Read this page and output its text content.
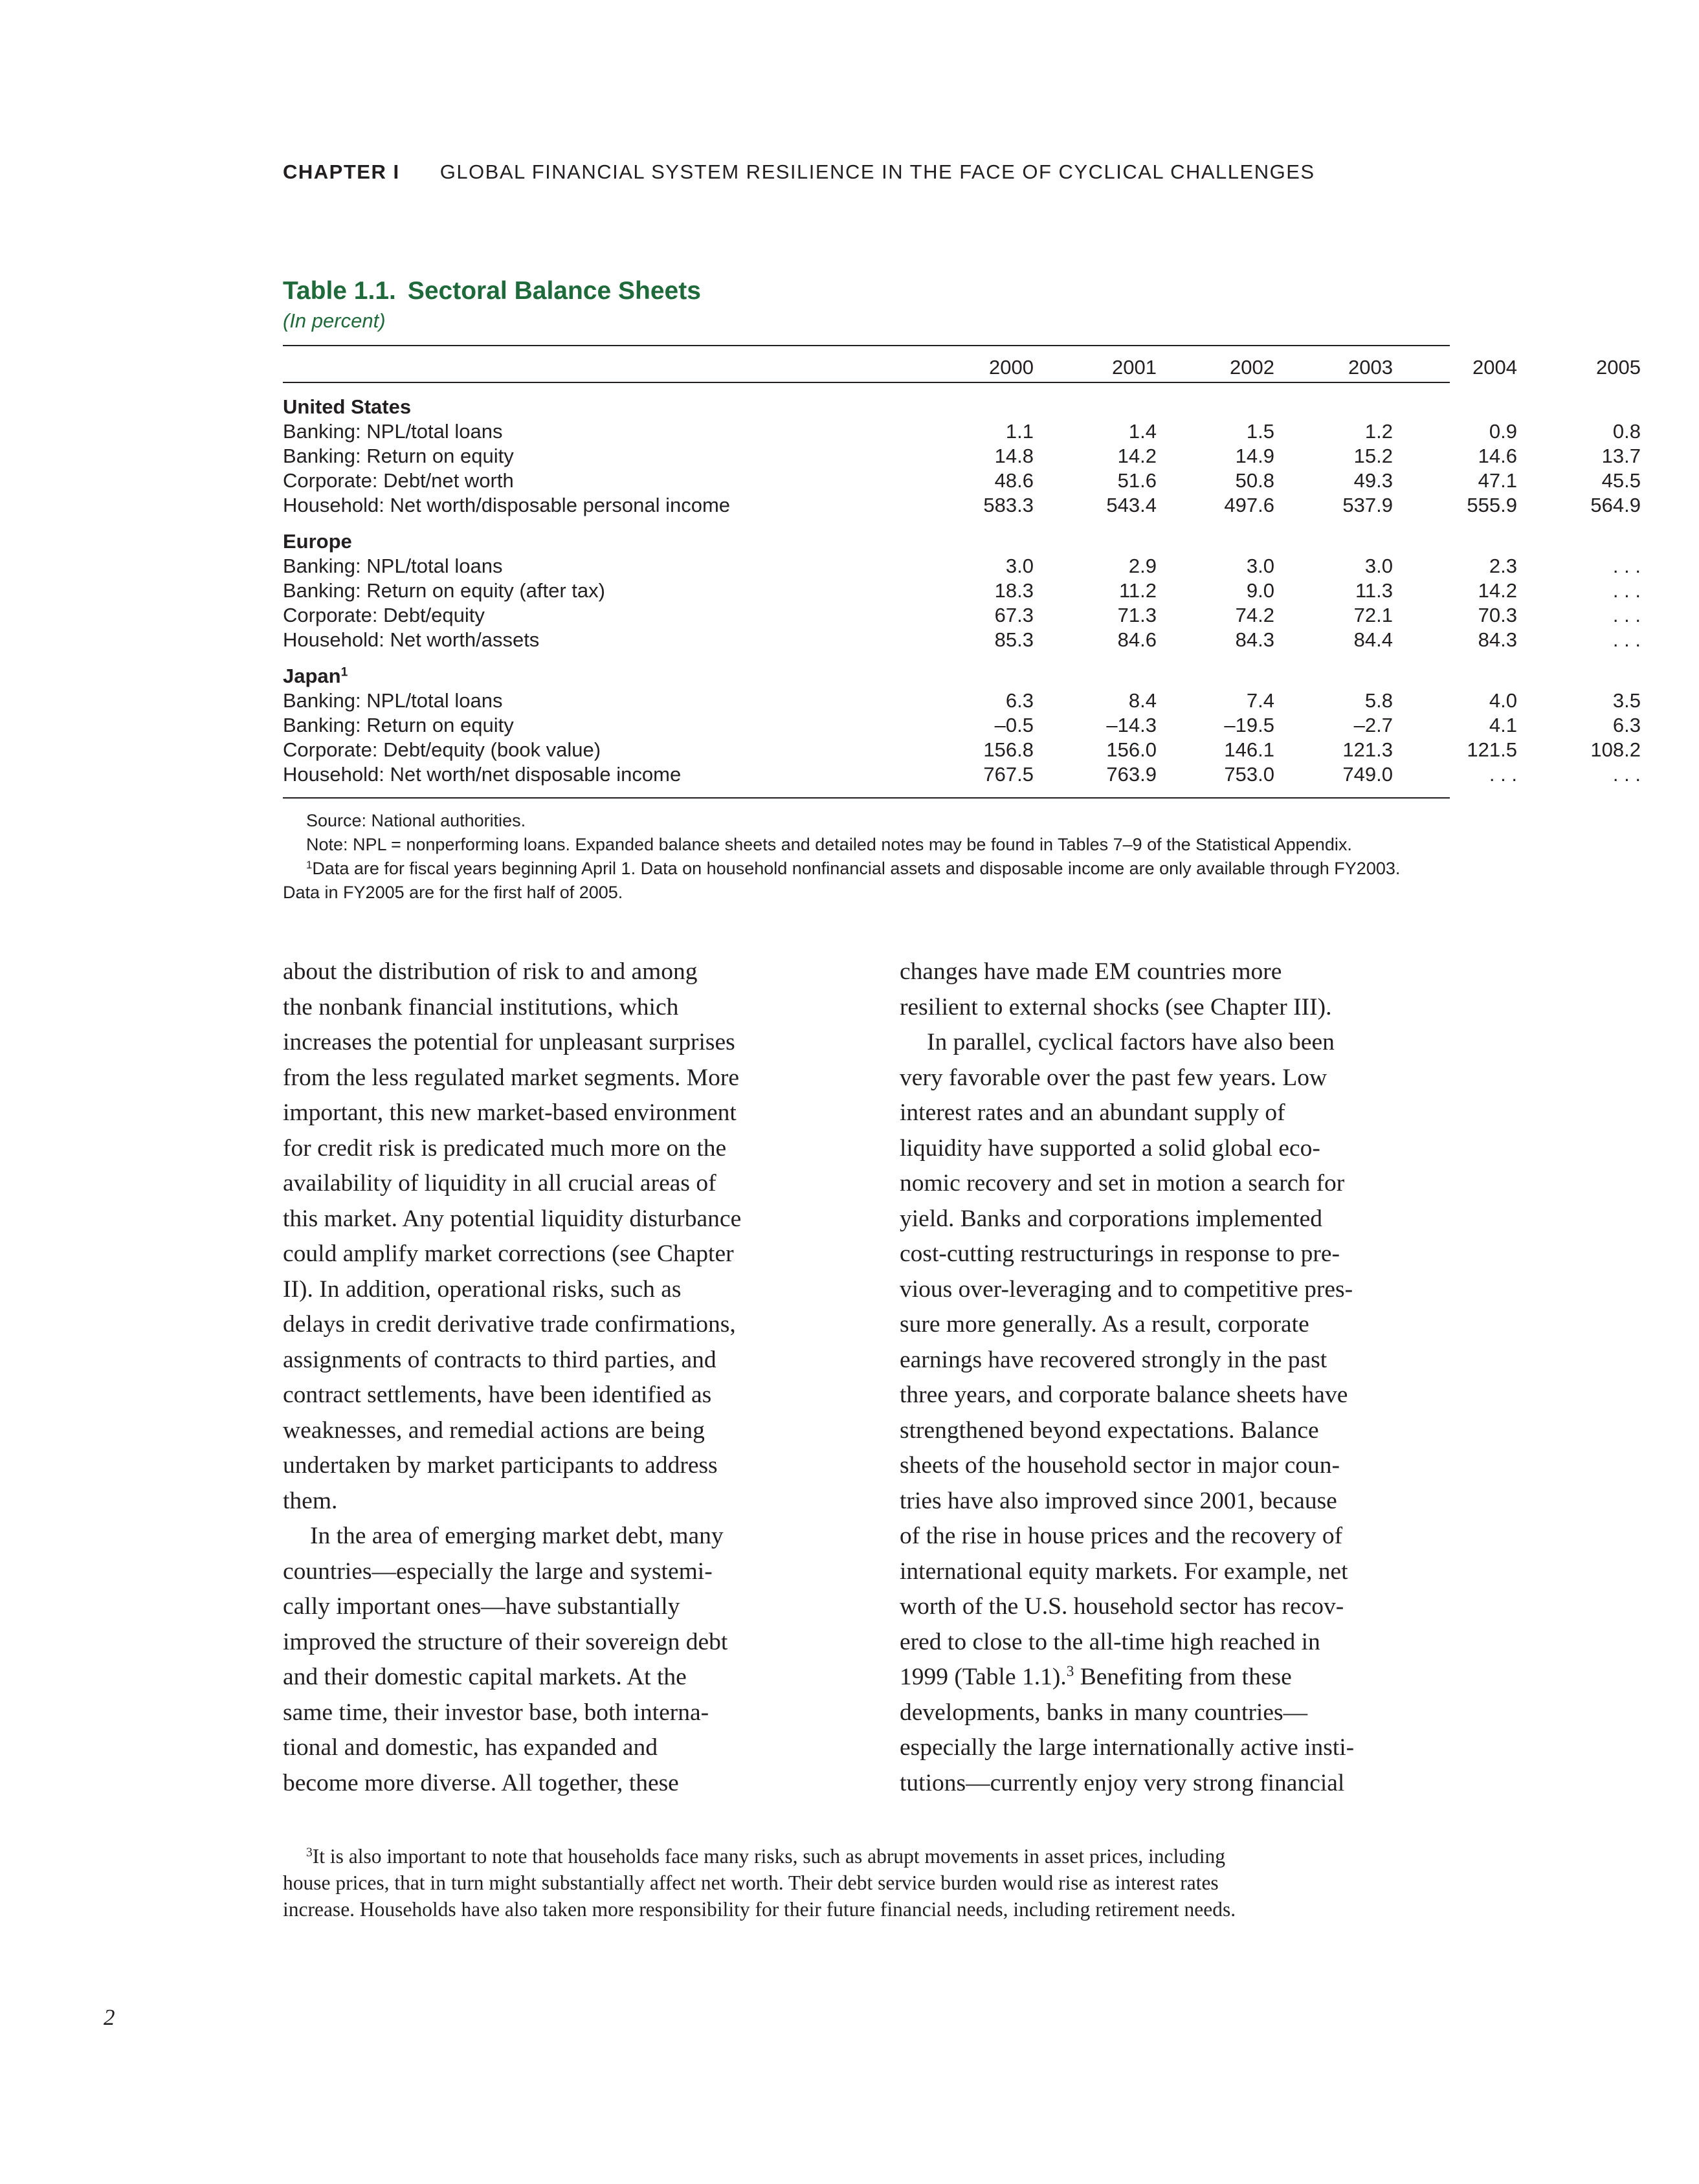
CHAPTER I GLOBAL FINANCIAL SYSTEM RESILIENCE IN THE FACE OF CYCLICAL CHALLENGES
Table 1.1. Sectoral Balance Sheets
(In percent)
2000	2001	2002	2003	2004	2005
United States
Banking: NPL/total loans	1.1	1.4	1.5	1.2	0.9	0.8
Banking: Return on equity	14.8	14.2	14.9	15.2	14.6	13.7
Corporate: Debt/net worth	48.6	51.6	50.8	49.3	47.1	45.5
Household: Net worth/disposable personal income	583.3	543.4	497.6	537.9	555.9	564.9
Europe
Banking: NPL/total loans	3.0	2.9	3.0	3.0	2.3	. . .
Banking: Return on equity (after tax)	18.3	11.2	9.0	11.3	14.2	. . .
Corporate: Debt/equity	67.3	71.3	74.2	72.1	70.3	. . .
Household: Net worth/assets	85.3	84.6	84.3	84.4	84.3	. . .
Japan$^1$
Banking: NPL/total loans	6.3	8.4	7.4	5.8	4.0	3.5
Banking: Return on equity	–0.5	–14.3	–19.5	–2.7	4.1	6.3
Corporate: Debt/equity (book value)	156.8	156.0	146.1	121.3	121.5	108.2
Household: Net worth/net disposable income	767.5	763.9	753.0	749.0	. . .	. . .
Source: National authorities.
Note: NPL = nonperforming loans. Expanded balance sheets and detailed notes may be found in Tables 7–9 of the Statistical Appendix.
$^1$Data are for fiscal years beginning April 1. Data on household nonfinancial assets and disposable income are only available through FY2003.
Data in FY2005 are for the first half of 2005.

about the distribution of risk to and among
the nonbank financial institutions, which
increases the potential for unpleasant surprises
from the less regulated market segments. More
important, this new market-based environment
for credit risk is predicated much more on the
availability of liquidity in all crucial areas of
this market. Any potential liquidity disturbance
could amplify market corrections (see Chapter
II). In addition, operational risks, such as
delays in credit derivative trade confirmations,
assignments of contracts to third parties, and
contract settlements, have been identified as
weaknesses, and remedial actions are being
undertaken by market participants to address
them.

In the area of emerging market debt, many
countries—especially the large and systemi-
cally important ones—have substantially
improved the structure of their sovereign debt
and their domestic capital markets. At the
same time, their investor base, both interna-
tional and domestic, has expanded and
become more diverse. All together, these

changes have made EM countries more
resilient to external shocks (see Chapter III).

In parallel, cyclical factors have also been
very favorable over the past few years. Low
interest rates and an abundant supply of
liquidity have supported a solid global eco-
nomic recovery and set in motion a search for
yield. Banks and corporations implemented
cost-cutting restructurings in response to pre-
vious over-leveraging and to competitive pres-
sure more generally. As a result, corporate
earnings have recovered strongly in the past
three years, and corporate balance sheets have
strengthened beyond expectations. Balance
sheets of the household sector in major coun-
tries have also improved since 2001, because
of the rise in house prices and the recovery of
international equity markets. For example, net
worth of the U.S. household sector has recov-
ered to close to the all-time high reached in
1999 (Table 1.1).$^3$ Benefiting from these
developments, banks in many countries—
especially the large internationally active insti-
tutions—currently enjoy very strong financial

$^3$It is also important to note that households face many risks, such as abrupt movements in asset prices, including
house prices, that in turn might substantially affect net worth. Their debt service burden would rise as interest rates
increase. Households have also taken more responsibility for their future financial needs, including retirement needs.
2
